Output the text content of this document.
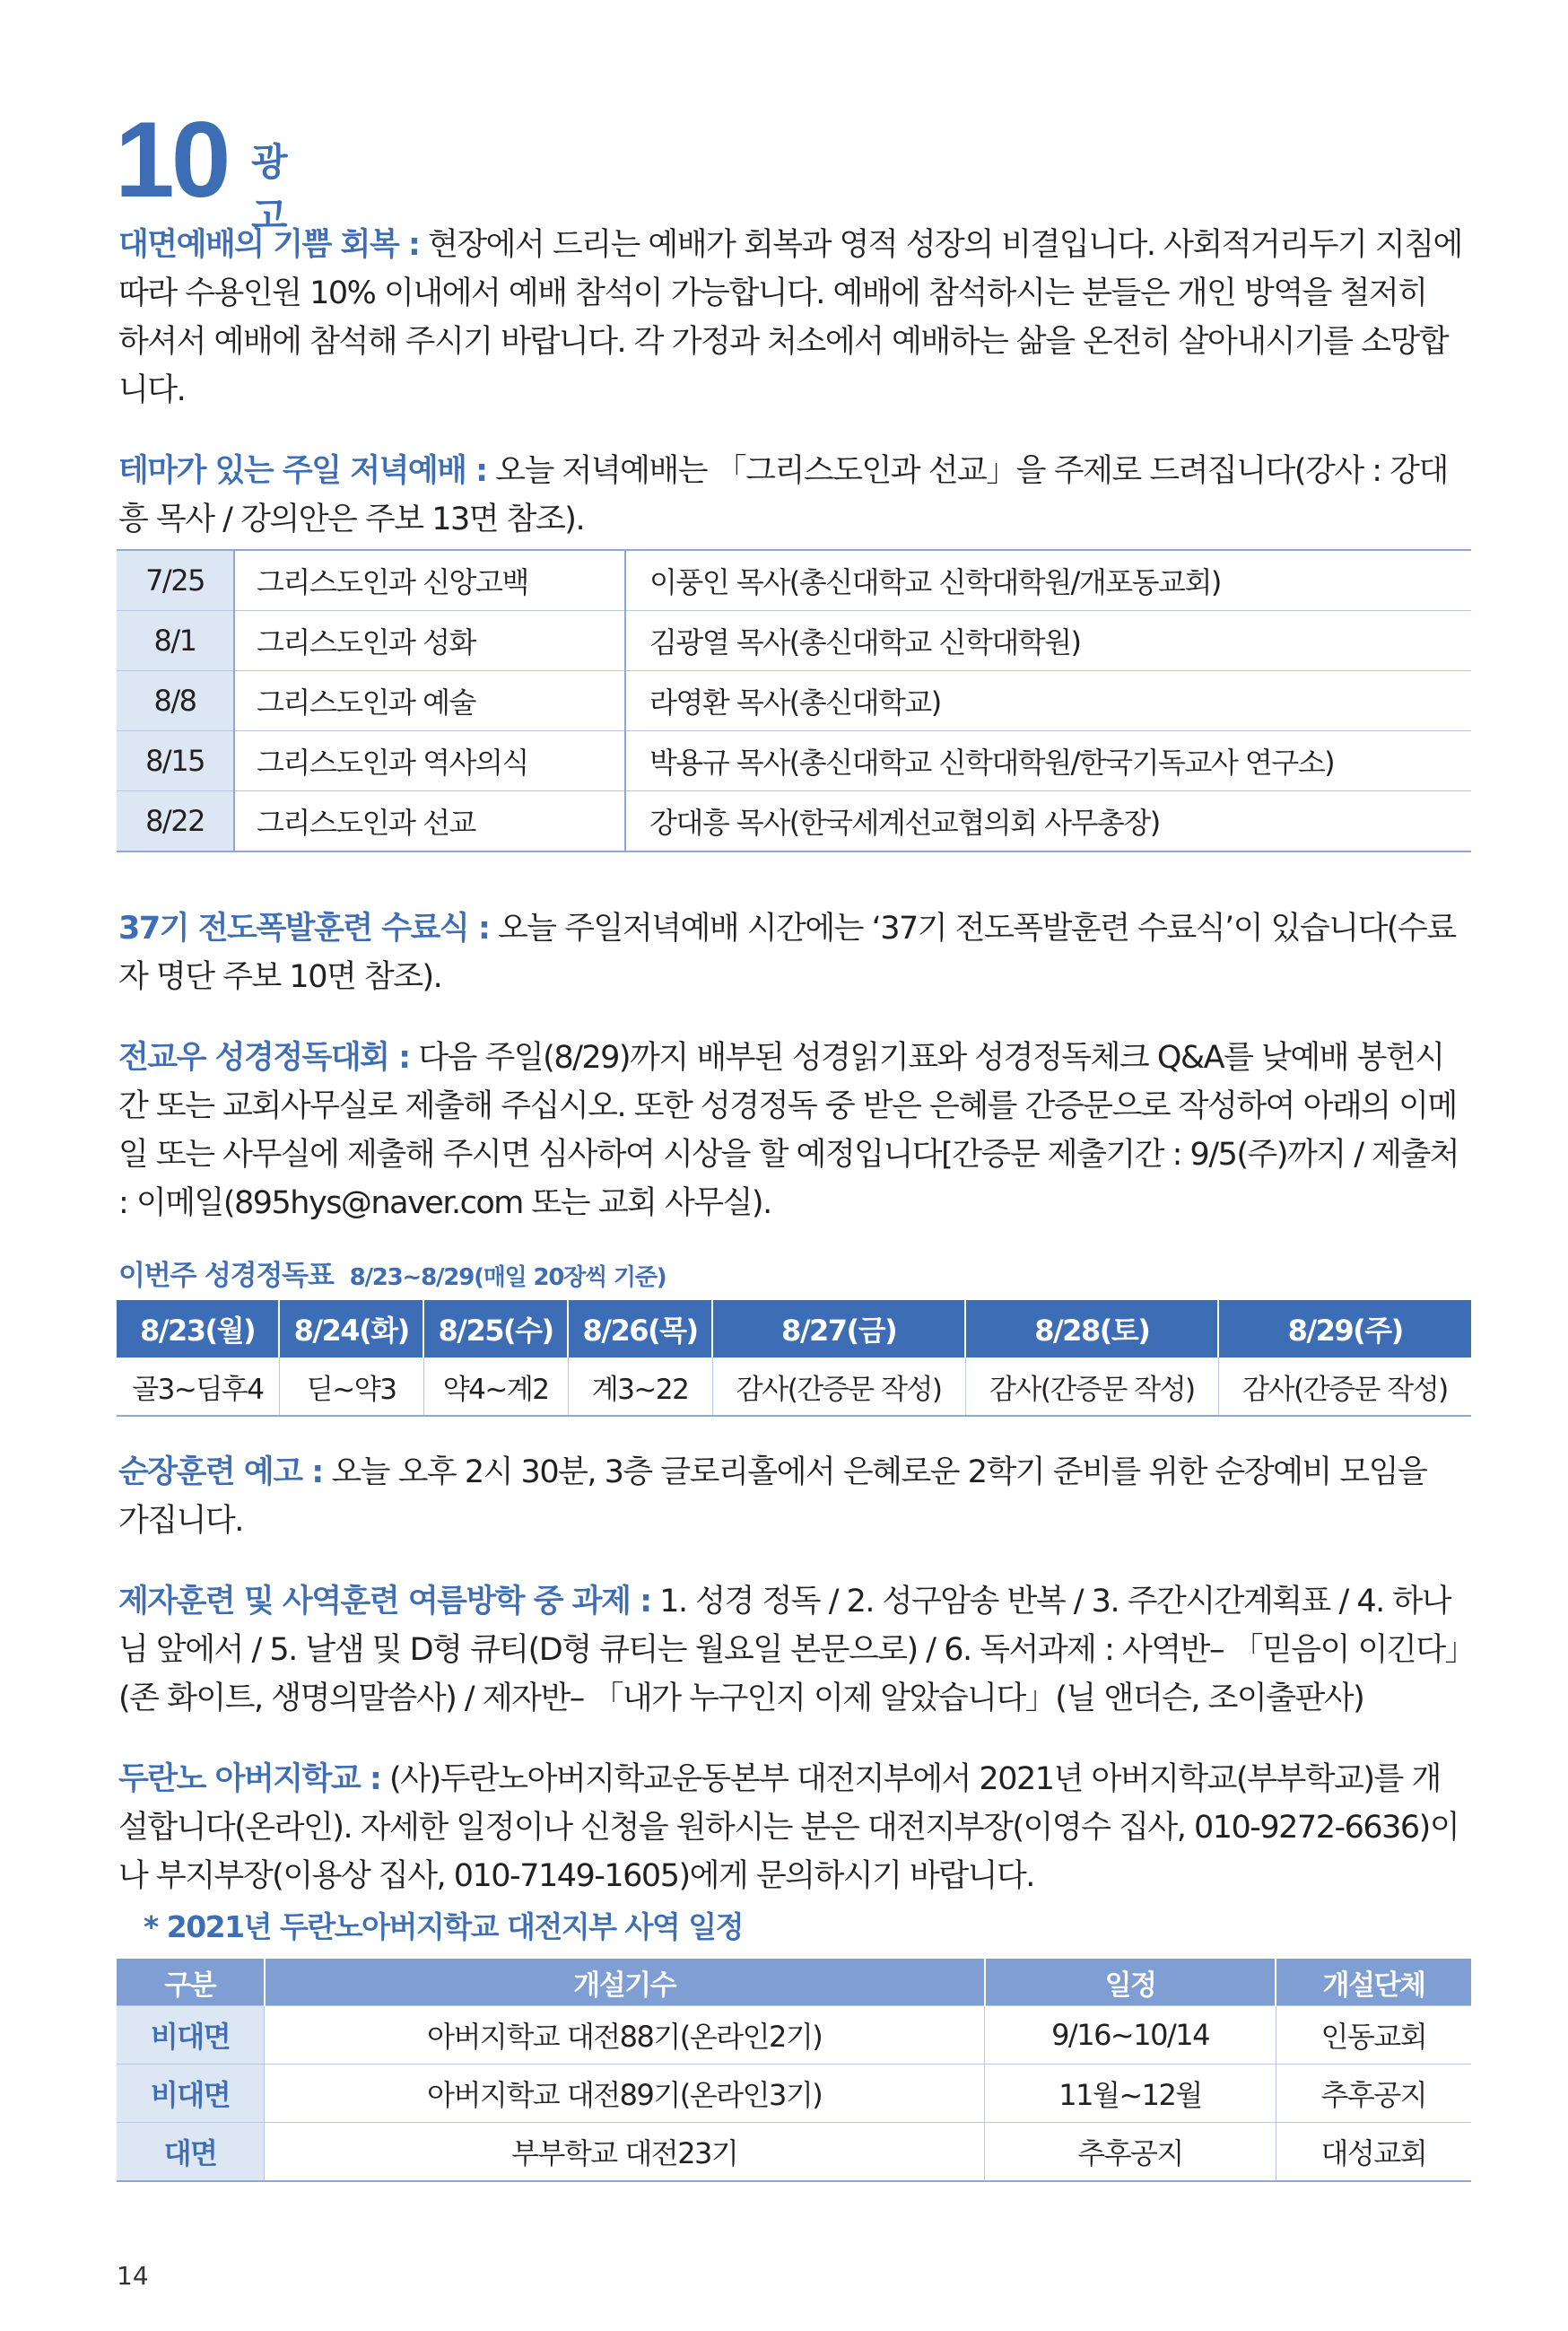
10 광고
대면예배의 기쁨 회복 : 현장에서 드리는 예배가 회복과 영적 성장의 비결입니다. 사회적거리두기 지침에 따라 수용인원 10% 이내에서 예배 참석이 가능합니다. 예배에 참석하시는 분들은 개인 방역을 철저히 하셔서 예배에 참석해 주시기 바랍니다. 각 가정과 처소에서 예배하는 삶을 온전히 살아내시기를 소망합니다.
테마가 있는 주일 저녁예배 : 오늘 저녁예배는 「그리스도인과 선교」을 주제로 드려집니다(강사 : 강대흥 목사 / 강의안은 주보 13면 참조).
7/25	그리스도인과 신앙고백	이풍인 목사(총신대학교 신학대학원/개포동교회)
8/1	그리스도인과 성화	김광열 목사(총신대학교 신학대학원)
8/8	그리스도인과 예술	라영환 목사(총신대학교)
8/15	그리스도인과 역사의식	박용규 목사(총신대학교 신학대학원/한국기독교사 연구소)
8/22	그리스도인과 선교	강대흥 목사(한국세계선교협의회 사무총장)
37기 전도폭발훈련 수료식 : 오늘 주일저녁예배 시간에는 ‘37기 전도폭발훈련 수료식’이 있습니다(수료자 명단 주보 10면 참조).
전교우 성경정독대회 : 다음 주일(8/29)까지 배부된 성경읽기표와 성경정독체크 Q&A를 낮예배 봉헌시간 또는 교회사무실로 제출해 주십시오. 또한 성경정독 중 받은 은혜를 간증문으로 작성하여 아래의 이메일 또는 사무실에 제출해 주시면 심사하여 시상을 할 예정입니다[간증문 제출기간 : 9/5(주)까지 / 제출처 : 이메일(895hys@naver.com 또는 교회 사무실).
이번주 성경정독표 8/23~8/29(매일 20장씩 기준)
8/23(월)	8/24(화)	8/25(수)	8/26(목)	8/27(금)	8/28(토)	8/29(주)
골3~딤후4	딛~약3	약4~계2	계3~22	감사(간증문 작성)	감사(간증문 작성)	감사(간증문 작성)
순장훈련 예고 : 오늘 오후 2시 30분, 3층 글로리홀에서 은혜로운 2학기 준비를 위한 순장예비 모임을 가집니다.
제자훈련 및 사역훈련 여름방학 중 과제 : 1. 성경 정독 / 2. 성구암송 반복 / 3. 주간시간계획표 / 4. 하나님 앞에서 / 5. 날샘 및 D형 큐티(D형 큐티는 월요일 본문으로) / 6. 독서과제 : 사역반– 「믿음이 이긴다」(존 화이트, 생명의말씀사) / 제자반– 「내가 누구인지 이제 알았습니다」(닐 앤더슨, 조이출판사)
두란노 아버지학교 : (사)두란노아버지학교운동본부 대전지부에서 2021년 아버지학교(부부학교)를 개설합니다(온라인). 자세한 일정이나 신청을 원하시는 분은 대전지부장(이영수 집사, 010-9272-6636)이나 부지부장(이용상 집사, 010-7149-1605)에게 문의하시기 바랍니다.
* 2021년 두란노아버지학교 대전지부 사역 일정
구분	개설기수	일정	개설단체
비대면	아버지학교 대전88기(온라인2기)	9/16~10/14	인동교회
비대면	아버지학교 대전89기(온라인3기)	11월~12월	추후공지
대면	부부학교 대전23기	추후공지	대성교회
14
